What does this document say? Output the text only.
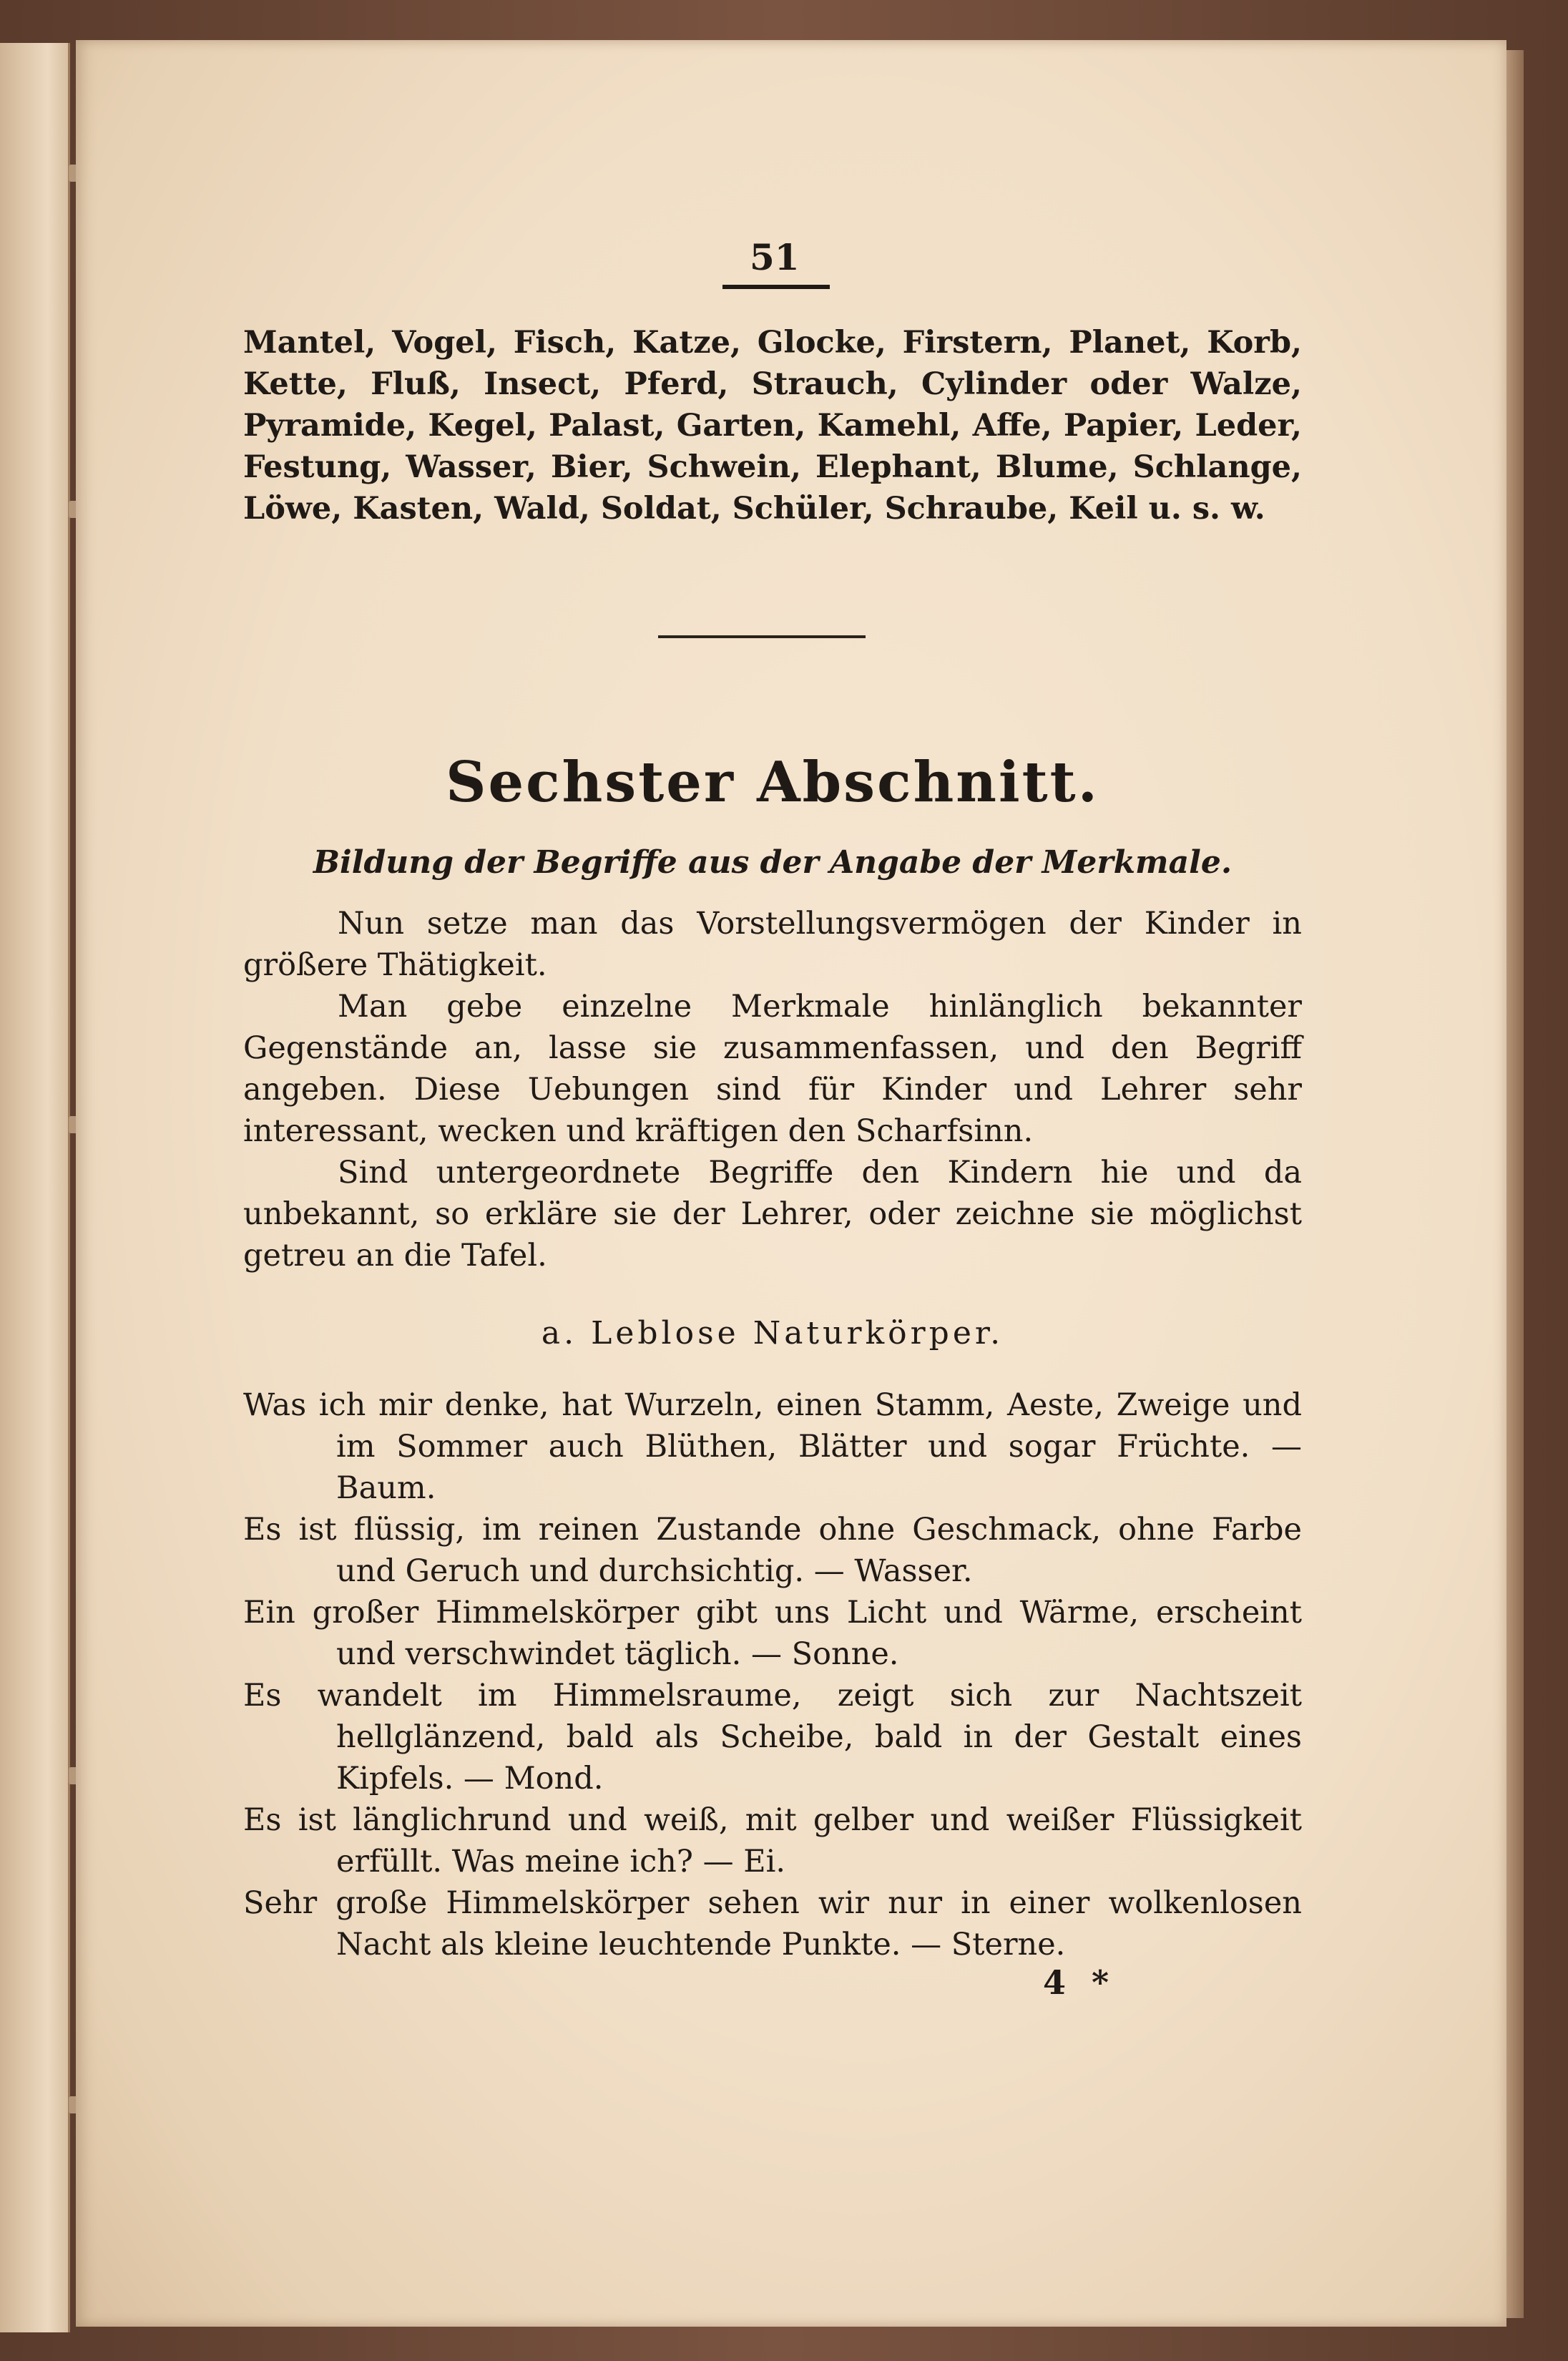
51

Mantel, Vogel, Fisch, Katze, Glocke, Firstern, Planet, Korb, Kette, Fluß, Insect, Pferd, Strauch, Cylinder oder Walze, Pyramide, Kegel, Palast, Garten, Kamehl, Affe, Papier, Leder, Festung, Wasser, Bier, Schwein, Elephant, Blume, Schlange, Löwe, Kasten, Wald, Soldat, Schüler, Schraube, Keil u. s. w.

Sechster Abschnitt.
Bildung der Begriffe aus der Angabe der Merkmale.

Nun setze man das Vorstellungsvermögen der Kinder in größere Thätigkeit.

Man gebe einzelne Merkmale hinlänglich bekannter Gegenstände an, lasse sie zusammenfassen, und den Begriff angeben. Diese Uebungen sind für Kinder und Lehrer sehr interessant, wecken und kräftigen den Scharfsinn.

Sind untergeordnete Begriffe den Kindern hie und da unbekannt, so erkläre sie der Lehrer, oder zeichne sie möglichst getreu an die Tafel.

a. Leblose Naturkörper.

Was ich mir denke, hat Wurzeln, einen Stamm, Aeste, Zweige und im Sommer auch Blüthen, Blätter und sogar Früchte. — Baum.

Es ist flüssig, im reinen Zustande ohne Geschmack, ohne Farbe und Geruch und durchsichtig. — Wasser.

Ein großer Himmelskörper gibt uns Licht und Wärme, erscheint und verschwindet täglich. — Sonne.

Es wandelt im Himmelsraume, zeigt sich zur Nachtszeit hellglänzend, bald als Scheibe, bald in der Gestalt eines Kipfels. — Mond.

Es ist länglichrund und weiß, mit gelber und weißer Flüssigkeit erfüllt. Was meine ich? — Ei.

Sehr große Himmelskörper sehen wir nur in einer wolkenlosen Nacht als kleine leuchtende Punkte. — Sterne.

4 *
